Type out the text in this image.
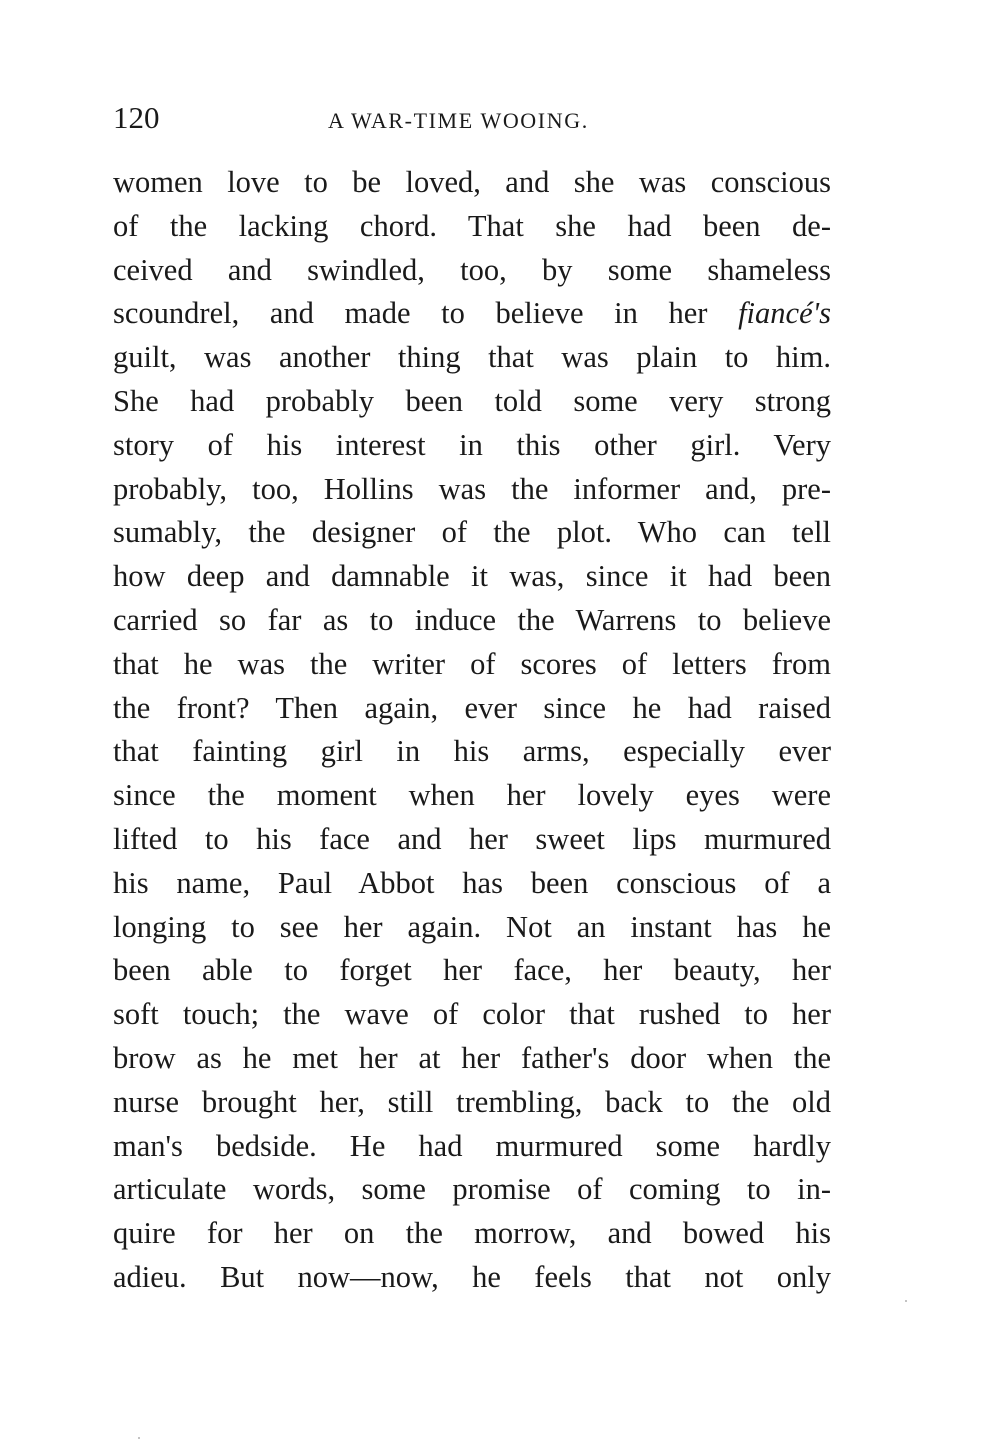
120	A WAR-TIME WOOING.
women love to be loved, and she was conscious
of the lacking chord. That she had been de-
ceived and swindled, too, by some shameless
scoundrel, and made to believe in her fiancé's
guilt, was another thing that was plain to him.
She had probably been told some very strong
story of his interest in this other girl. Very
probably, too, Hollins was the informer and, pre-
sumably, the designer of the plot. Who can tell
how deep and damnable it was, since it had been
carried so far as to induce the Warrens to believe
that he was the writer of scores of letters from
the front? Then again, ever since he had raised
that fainting girl in his arms, especially ever
since the moment when her lovely eyes were
lifted to his face and her sweet lips murmured
his name, Paul Abbot has been conscious of a
longing to see her again. Not an instant has he
been able to forget her face, her beauty, her
soft touch; the wave of color that rushed to her
brow as he met her at her father's door when the
nurse brought her, still trembling, back to the old
man's bedside. He had murmured some hardly
articulate words, some promise of coming to in-
quire for her on the morrow, and bowed his
adieu. But now—now, he feels that not only
